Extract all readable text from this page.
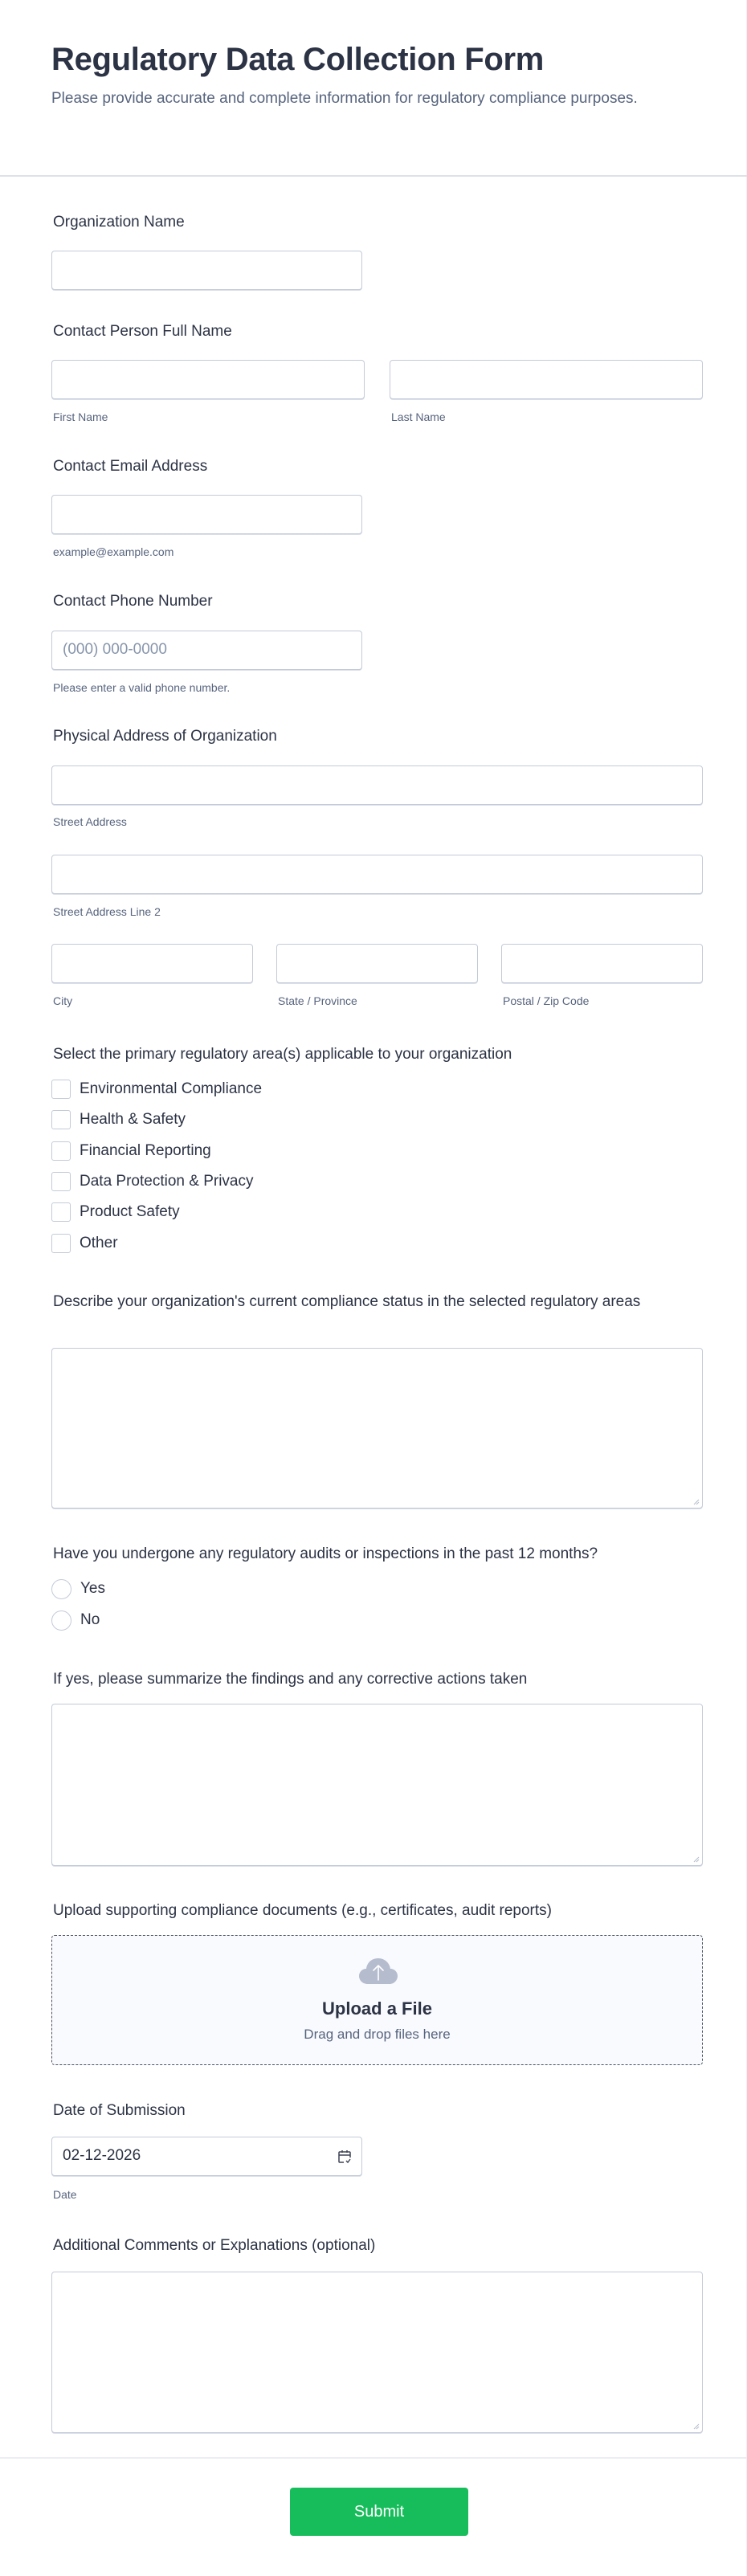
Regulatory Data Collection Form

Please provide accurate and complete information for regulatory compliance purposes.

Organization Name
Contact Person Full Name
First Name	Last Name
Contact Email Address
example@example.com
Contact Phone Number
(000) 000-0000
Please enter a valid phone number.
Physical Address of Organization
Street Address
Street Address Line 2
City	State / Province	Postal / Zip Code
Select the primary regulatory area(s) applicable to your organization
Environmental Compliance
Health & Safety
Financial Reporting
Data Protection & Privacy
Product Safety
Other
Describe your organization's current compliance status in the selected regulatory areas
Have you undergone any regulatory audits or inspections in the past 12 months?
Yes
No
If yes, please summarize the findings and any corrective actions taken
Upload supporting compliance documents (e.g., certificates, audit reports)
Upload a File
Drag and drop files here
Date of Submission
02-12-2026
Date
Additional Comments or Explanations (optional)
Submit
